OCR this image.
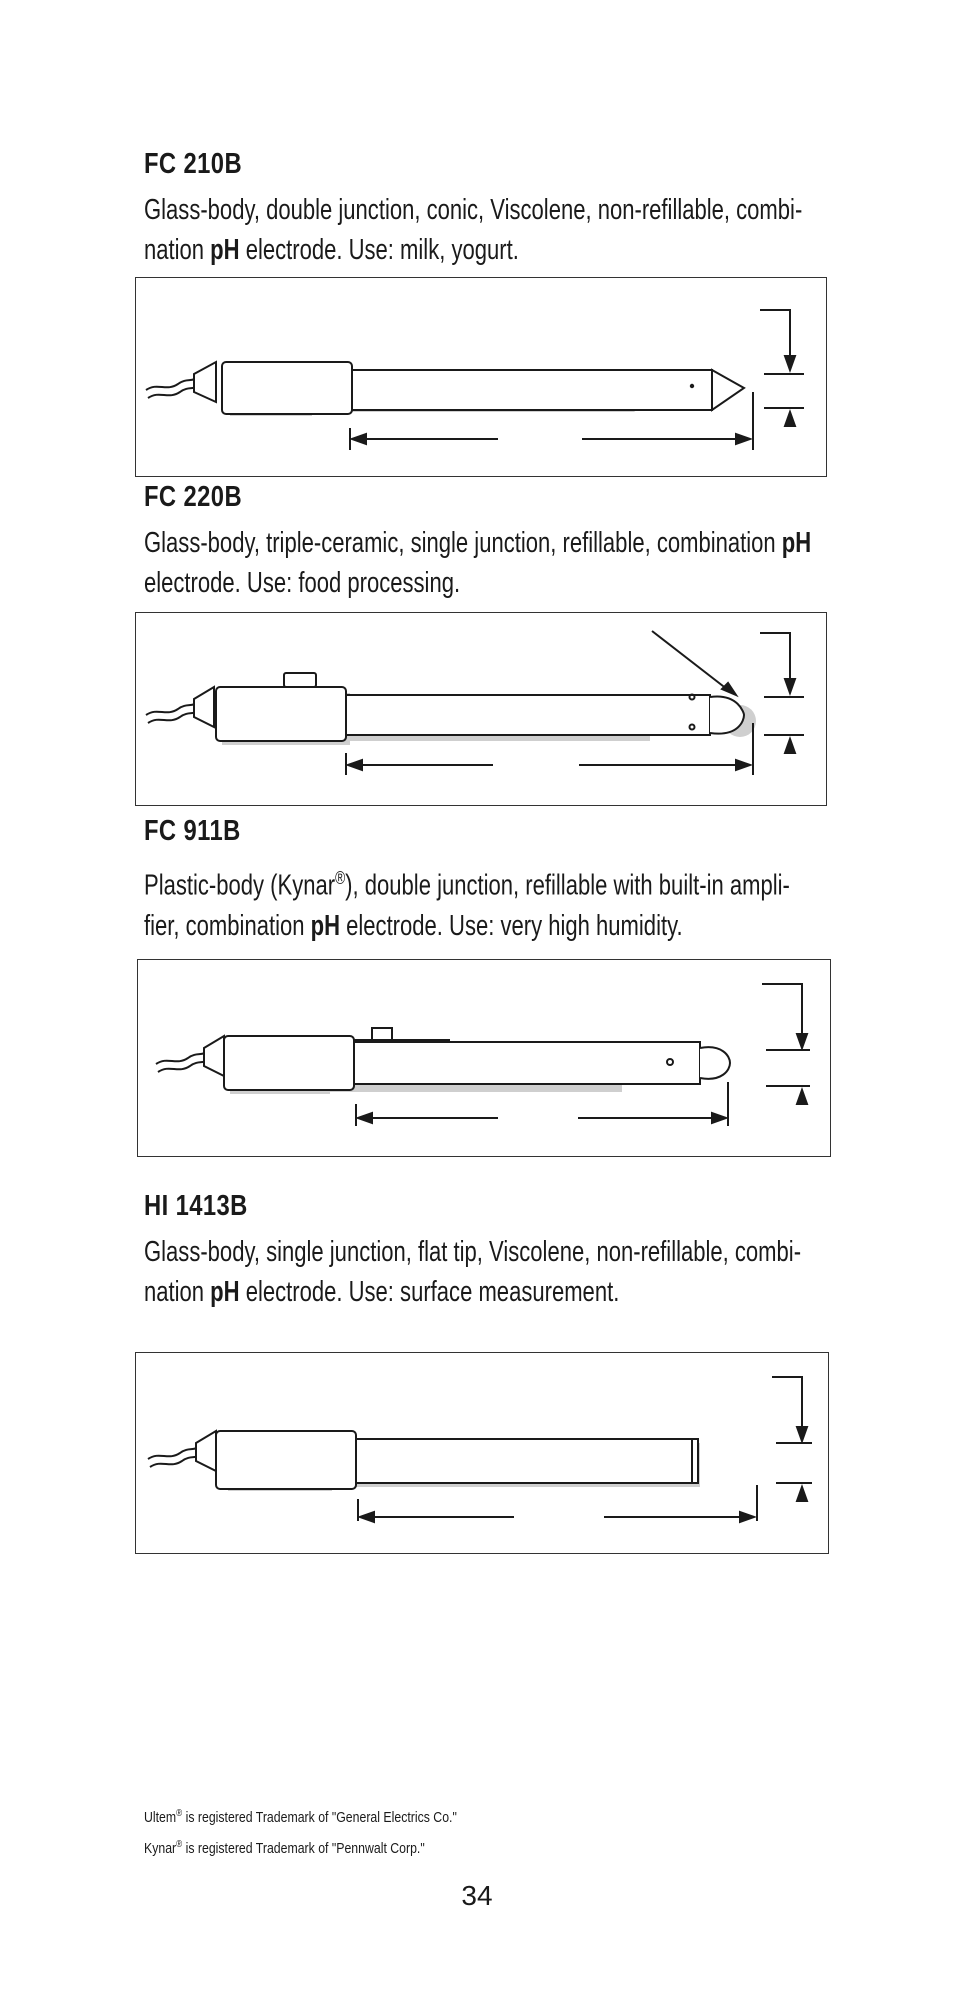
FC 210B
Glass-body, double junction, conic, Viscolene, non-refillable, combi-
nation pH electrode. Use: milk, yogurt.
FC 220B
Glass-body, triple-ceramic, single junction, refillable, combination pH
electrode. Use: food processing.
FC 911B
Plastic-body (Kynar®), double junction, refillable with built-in ampli-
fier, combination pH electrode. Use: very high humidity.
HI 1413B
Glass-body, single junction, flat tip, Viscolene, non-refillable, combi-
nation pH electrode. Use: surface measurement.
Ultem® is registered Trademark of "General Electrics Co."
Kynar® is registered Trademark of "Pennwalt Corp."
34
